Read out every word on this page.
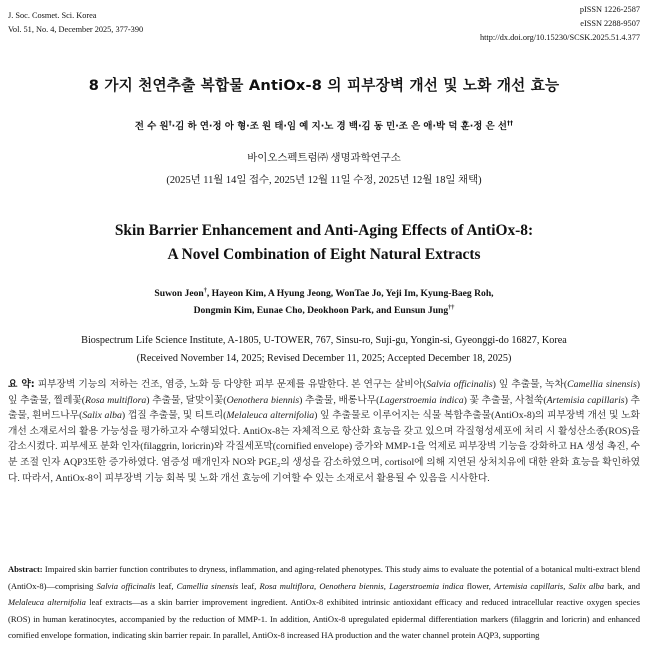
J. Soc. Cosmet. Sci. Korea
Vol. 51, No. 4, December 2025, 377-390
pISSN 1226-2587
eISSN 2288-9507
http://dx.doi.org/10.15230/SCSK.2025.51.4.377
8 가지 천연추출 복합물 AntiOx-8 의 피부장벽 개선 및 노화 개선 효능
전 수 원†·김 하 연·정 아 형·조 원 태·임 예 지·노 경 백·김 동 민·조 은 애·박 덕 훈·정 은 선††
바이오스펙트럼㈜ 생명과학연구소
(2025년 11월 14일 접수, 2025년 12월 11일 수정, 2025년 12월 18일 채택)
Skin Barrier Enhancement and Anti-Aging Effects of AntiOx-8:
A Novel Combination of Eight Natural Extracts
Suwon Jeon†, Hayeon Kim, A Hyung Jeong, WonTae Jo, Yeji Im, Kyung-Baeg Roh,
Dongmin Kim, Eunae Cho, Deokhoon Park, and Eunsun Jung††
Biospectrum Life Science Institute, A-1805, U-TOWER, 767, Sinsu-ro, Suji-gu, Yongin-si, Gyeonggi-do 16827, Korea
(Received November 14, 2025; Revised December 11, 2025; Accepted December 18, 2025)
요 약: 피부장벽 기능의 저하는 건조, 염증, 노화 등 다양한 피부 문제를 유발한다. 본 연구는 살비아(Salvia officinalis) 잎 추출물, 녹차(Camellia sinensis) 잎 추출물, 찔레꽃(Rosa multiflora) 추출물, 달맞이꽃(Oenothera biennis) 추출물, 배롱나무(Lagerstroemia indica) 꽃 추출물, 사철쑥(Artemisia capillaris) 추출물, 흰버드나무(Salix alba) 껍질 추출물, 및 티트리(Melaleuca alternifolia) 잎 추출물로 이루어지는 식물 복합추출물(AntiOx-8)의 피부장벽 개선 및 노화 개선 소재로서의 활용 가능성을 평가하고자 수행되었다. AntiOx-8는 자체적으로 항산화 효능을 갖고 있으며 각질형성세포에 처리 시 활성산소종(ROS)을 감소시켰다. 피부세포 분화 인자(filaggrin, loricrin)와 각질세포막(cornified envelope) 증가와 MMP-1을 억제로 피부장벽 기능을 강화하고 HA 생성 촉진, 수분 조절 인자 AQP3또한 증가하였다. 염증성 매개인자 NO와 PGE₂의 생성을 감소하였으며, cortisol에 의해 지연된 상처치유에 대한 완화 효능을 확인하였다. 따라서, AntiOx-8이 피부장벽 기능 회복 및 노화 개선 효능에 기여할 수 있는 소재로서 활용될 수 있음을 시사한다.
Abstract: Impaired skin barrier function contributes to dryness, inflammation, and aging-related phenotypes. This study aims to evaluate the potential of a botanical multi-extract blend (AntiOx-8)—comprising Salvia officinalis leaf, Camellia sinensis leaf, Rosa multiflora, Oenothera biennis, Lagerstroemia indica flower, Artemisia capillaris, Salix alba bark, and Melaleuca alternifolia leaf extracts—as a skin barrier improvement ingredient. AntiOx-8 exhibited intrinsic antioxidant efficacy and reduced intracellular reactive oxygen species (ROS) in human keratinocytes, accompanied by the reduction of MMP-1. In addition, AntiOx-8 upregulated epidermal differentiation markers (filaggrin and loricrin) and enhanced cornified envelope formation, indicating skin barrier repair. In parallel, AntiOx-8 increased HA production and the water channel protein AQP3, supporting
